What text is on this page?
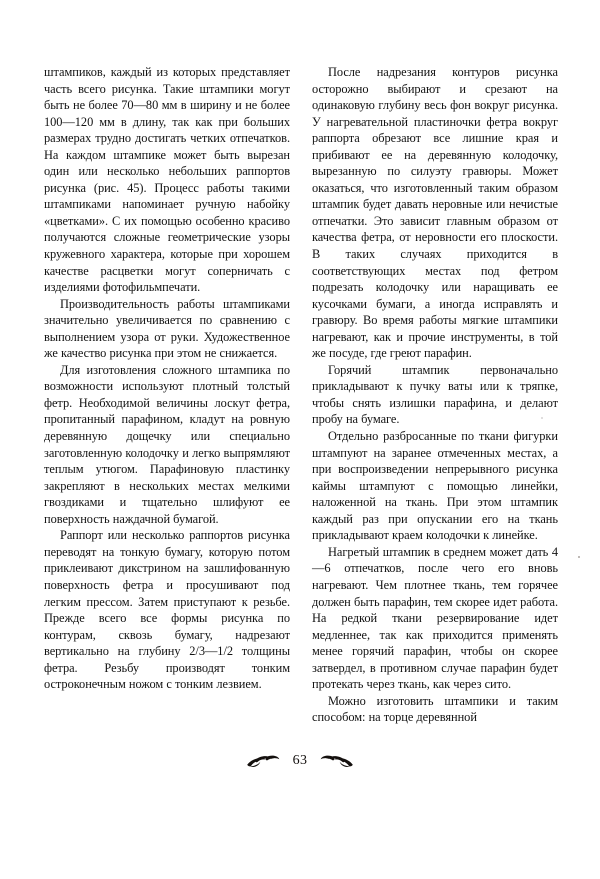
штампиков, каждый из которых представляет часть всего рисунка. Такие штампики могут быть не более 70—80 мм в ширину и не более 100—120 мм в длину, так как при больших размерах трудно достигать четких отпечатков. На каждом штампике может быть вырезан один или несколько небольших раппортов рисунка (рис. 45). Процесс работы такими штампиками напоминает ручную набойку «цветками». С их помощью особенно красиво получаются сложные геометрические узоры кружевного характера, которые при хорошем качестве расцветки могут соперничать с изделиями фотофильмпечати.

Производительность работы штампиками значительно увеличивается по сравнению с выполнением узора от руки. Художественное же качество рисунка при этом не снижается.

Для изготовления сложного штампика по возможности используют плотный толстый фетр. Необходимой величины лоскут фетра, пропитанный парафином, кладут на ровную деревянную дощечку или специально заготовленную колодочку и легко выпрямляют теплым утюгом. Парафиновую пластинку закрепляют в нескольких местах мелкими гвоздиками и тщательно шлифуют ее поверхность наждачной бумагой.

Раппорт или несколько раппортов рисунка переводят на тонкую бумагу, которую потом приклеивают дикстрином на зашлифованную поверхность фетра и просушивают под легким прессом. Затем приступают к резьбе. Прежде всего все формы рисунка по контурам, сквозь бумагу, надрезают вертикально на глубину 2/3—1/2 толщины фетра. Резьбу производят тонким остроконечным ножом с тонким лезвием.

После надрезания контуров рисунка осторожно выбирают и срезают на одинаковую глубину весь фон вокруг рисунка. У нагревательной пластиночки фетра вокруг раппорта обрезают все лишние края и прибивают ее на деревянную колодочку, вырезанную по силуэту гравюры. Может оказаться, что изготовленный таким образом штампик будет давать неровные или нечистые отпечатки. Это зависит главным образом от качества фетра, от неровности его плоскости. В таких случаях приходится в соответствующих местах под фетром подрезать колодочку или наращивать ее кусочками бумаги, а иногда исправлять и гравюру. Во время работы мягкие штампики нагревают, как и прочие инструменты, в той же посуде, где греют парафин.

Горячий штампик первоначально прикладывают к пучку ваты или к тряпке, чтобы снять излишки парафина, и делают пробу на бумаге.

Отдельно разбросанные по ткани фигурки штампуют на заранее отмеченных местах, а при воспроизведении непрерывного рисунка каймы штампуют с помощью линейки, наложенной на ткань. При этом штампик каждый раз при опускании его на ткань прикладывают краем колодочки к линейке.

Нагретый штампик в среднем может дать 4—6 отпечатков, после чего его вновь нагревают. Чем плотнее ткань, тем горячее должен быть парафин, тем скорее идет работа. На редкой ткани резервирование идет медленнее, так как приходится применять менее горячий парафин, чтобы он скорее затвердел, в противном случае парафин будет протекать через ткань, как через сито.

Можно изготовить штампики и таким способом: на торце деревянной

63
